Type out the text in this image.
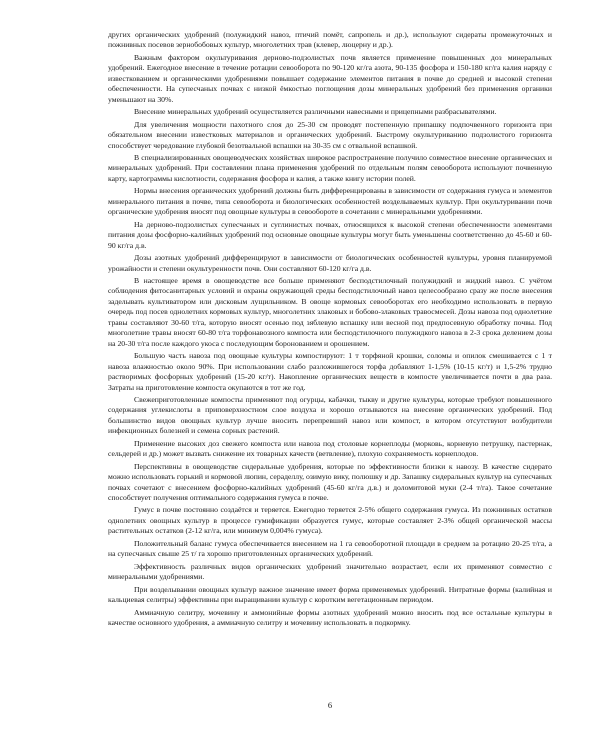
других органических удобрений (полужидкий навоз, птичий помёт, сапропель и др.), используют сидераты промежуточных и пожнивных посевов зернобобовых культур, многолетних трав (клевер, люцерну и др.).

Важным фактором окультуривания дерново-подзолистых почв является применение повышенных доз минеральных удобрений. Ежегодное внесение в течение ротации севооборота по 90-120 кг/га азота, 90-135 фосфора и 150-180 кг/га калия наряду с известкованием и органическими удобрениями повышает содержание элементов питания в почве до средней и высокой степени обеспеченности. На супесчаных почвах с низкой ёмкостью поглощения дозы минеральных удобрений без применения органики уменьшают на 30%.

Внесение минеральных удобрений осуществляется различными навесными и прицепными разбрасывателями.

Для увеличения мощности пахотного слоя до 25-30 см проводят постепенную припашку подпочвенного горизонта при обязательном внесении известковых материалов и органических удобрений. Быстрому окультуриванию подзолистого горизонта способствует чередование глубокой безотвальной вспашки на 30-35 см с отвальной вспашкой.

В специализированных овощеводческих хозяйствах широкое распространение получило совместное внесение органических и минеральных удобрений. При составлении плана применения удобрений по отдельным полям севооборота используют почвенную карту, картограммы кислотности, содержания фосфора и калия, а также книгу истории полей.

Нормы внесения органических удобрений должны быть дифференцированы в зависимости от содержания гумуса и элементов минерального питания в почве, типа севооборота и биологических особенностей возделываемых культур. При окультуривании почв органические удобрения вносят под овощные культуры в севообороте в сочетании с минеральными удобрениями.

На дерново-подзолистых супесчаных и суглинистых почвах, относящихся к высокой степени обеспеченности элементами питания дозы фосфорно-калийных удобрений под основные овощные культуры могут быть уменьшены соответственно до 45-60 и 60-90 кг/га д.в.

Дозы азотных удобрений дифференцируют в зависимости от биологических особенностей культуры, уровня планируемой урожайности и степени окультуренности почв. Они составляют 60-120 кг/га д.в.

В настоящее время в овощеводстве все больше применяют бесподстилочный полужидкий и жидкий навоз. С учётом соблюдения фитосанитарных условий и охраны окружающей среды бесподстилочный навоз целесообразно сразу же после внесения заделывать культиватором или дисковым лущильником. В овоще кормовых севооборотах его необходимо использовать в первую очередь под посев однолетних кормовых культур, многолетних злаковых и бобово-злаковых травосмесей. Дозы навоза под однолетние травы составляют 30-60 т/га, которую вносят осенью под зяблевую вспашку или весной под предпосевную обработку почвы. Под многолетние травы вносят 60-80 т/га торфонавозного компоста или бесподстилочного полужидкого навоза в 2-3 срока делением дозы на 20-30 т/га после каждого укоса с последующим боронованием и орошением.

Большую часть навоза под овощные культуры компостируют: 1 т торфяной крошки, соломы и опилок смешивается с 1 т навоза влажностью около 90%. При использовании слабо разложившегося торфа добавляют 1-1,5% (10-15 кг/т) и 1,5-2% трудно растворимых фосфорных удобрений (15-20 кг/т). Накопление органических веществ в компосте увеличивается почти в два раза. Затраты на приготовление компоста окупаются в тот же год.

Свежеприготовленные компосты применяют под огурцы, кабачки, тыкву и другие культуры, которые требуют повышенного содержания углекислоты в приповерхностном слое воздуха и хорошо отзываются на внесение органических удобрений. Под большинство видов овощных культур лучше вносить перепревший навоз или компост, в котором отсутствуют возбудители инфекционных болезней и семена сорных растений.

Применение высоких доз свежего компоста или навоза под столовые корнеплоды (морковь, корневую петрушку, пастернак, сельдерей и др.) может вызвать снижение их товарных качеств (ветвление), плохую сохраняемость корнеплодов.

Перспективны в овощеводстве сидеральные удобрения, которые по эффективности близки к навозу. В качестве сидерато можно использовать горький и кормовой люпин, сераделлу, озимую вику, полюшку и др. Запашку сидеральных культур на супесчаных почвах сочетают с внесением фосфорно-калийных удобрений (45-60 кг/га д.в.) и доломитовой муки (2-4 т/га). Такое сочетание способствует получения оптимального содержания гумуса в почве.

Гумус в почве постоянно создаётся и теряется. Ежегодно теряется 2-5% общего содержания гумуса. Из пожнивных остатков однолетних овощных культур в процессе гумификации образуется гумус, которые составляет 2-3% общей органической массы растительных остатков (2-12 кг/га, или минимум 0,004% гумуса).

Положительный баланс гумуса обеспечивается внесением на 1 га севооборотной площади в среднем за ротацию 20-25 т/га, а на супесчаных свыше 25 т/ га хорошо приготовленных органических удобрений.

Эффективность различных видов органических удобрений значительно возрастает, если их применяют совместно с минеральными удобрениями.

При возделывании овощных культур важное значение имеет форма применяемых удобрений. Нитратные формы (калийная и кальциевая селитры) эффективны при выращивании культур с коротким вегетационным периодом.

Аммиачную селитру, мочевину и аммонийные формы азотных удобрений можно вносить под все остальные культуры в качестве основного удобрения, а аммиачную селитру и мочевину использовать в подкормку.

6
